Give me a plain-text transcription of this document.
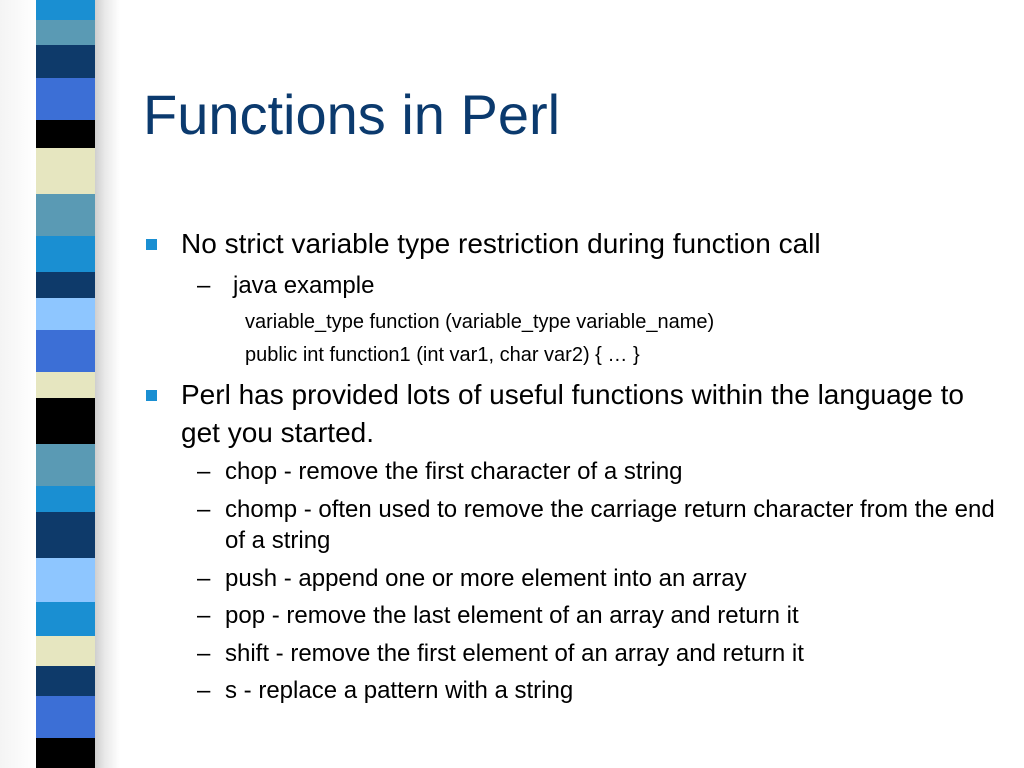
Functions in Perl
No strict variable type restriction during function call
– java example
variable_type function (variable_type variable_name)
public int function1 (int var1, char var2) { … }
Perl has provided lots of useful functions within the language to get you started.
– chop - remove the first character of a string
– chomp - often used to remove the carriage return character from the end of a string
– push - append one or more element into an array
– pop - remove the last element of an array and return it
– shift - remove the first element of an array and return it
– s - replace a pattern with a string
